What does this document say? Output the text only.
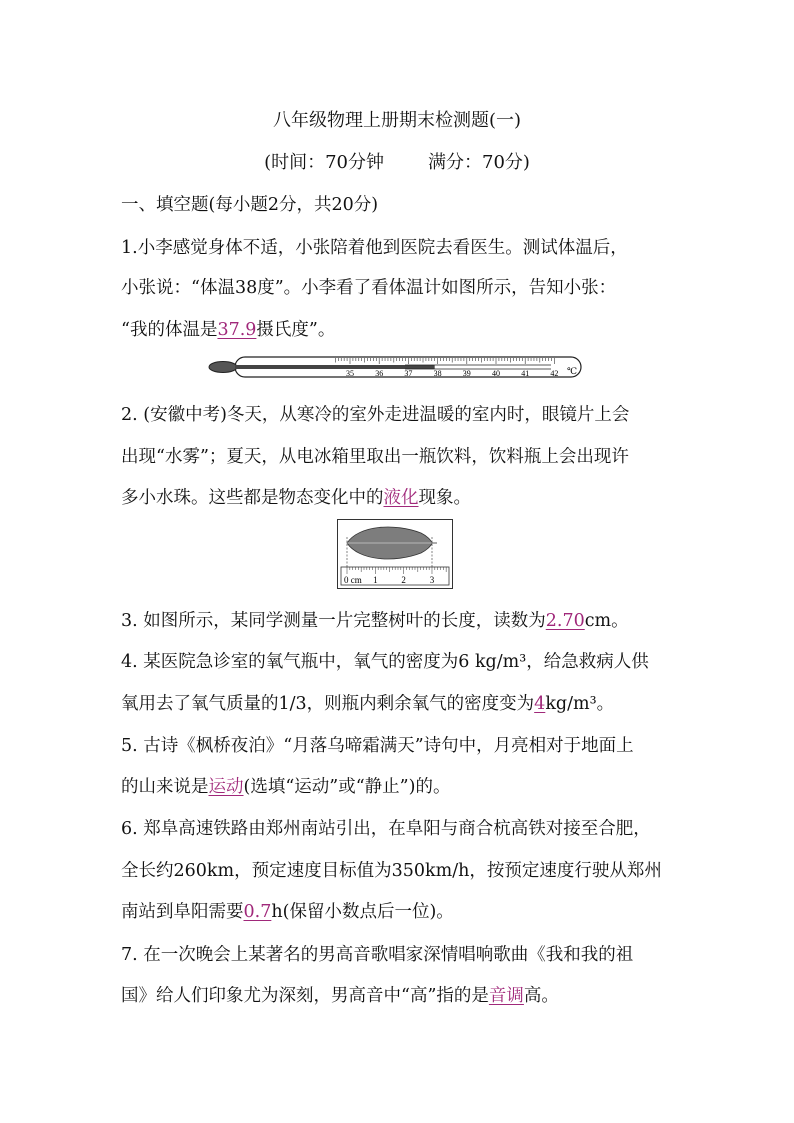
八年级物理上册期末检测题(一)
(时间：70分钟 满分：70分)
一、填空题(每小题2分，共20分)
1.小李感觉身体不适，小张陪着他到医院去看医生。测试体温后，
小张说：“体温38度”。小李看了看体温计如图所示，告知小张：
“我的体温是37.9摄氏度”。
35	36	37	38	39	40	41	42 ℃
2. (安徽中考)冬天，从寒冷的室外走进温暖的室内时，眼镜片上会
出现“水雾”；夏天，从电冰箱里取出一瓶饮料，饮料瓶上会出现许
多小水珠。这些都是物态变化中的液化现象。
0 cm 1	2	3
3. 如图所示，某同学测量一片完整树叶的长度，读数为2.70cm。
4. 某医院急诊室的氧气瓶中，氧气的密度为6 kg/m³，给急救病人供
氧用去了氧气质量的1/3，则瓶内剩余氧气的密度变为4kg/m³。
5. 古诗《枫桥夜泊》“月落乌啼霜满天”诗句中，月亮相对于地面上
的山来说是运动(选填“运动”或“静止”)的。
6. 郑阜高速铁路由郑州南站引出，在阜阳与商合杭高铁对接至合肥，
全长约260km，预定速度目标值为350km/h，按预定速度行驶从郑州
南站到阜阳需要0.7h(保留小数点后一位)。
7. 在一次晚会上某著名的男高音歌唱家深情唱响歌曲《我和我的祖
国》给人们印象尤为深刻，男高音中“高”指的是音调高。
